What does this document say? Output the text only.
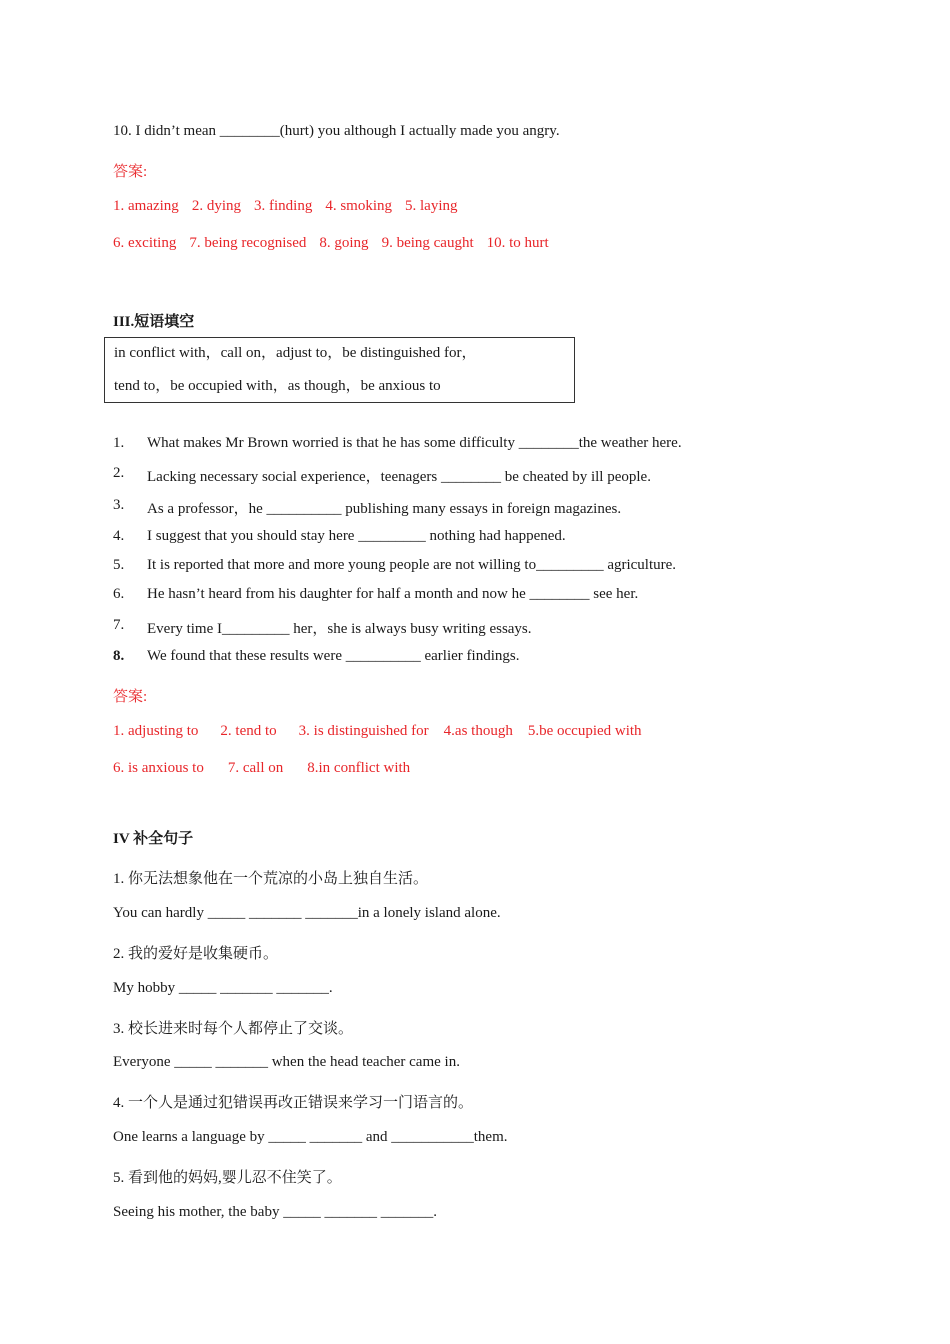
10. I didn’t mean ________(hurt) you although I actually made you angry.
答案:
1. amazing 2. dying 3. finding 4. smoking 5. laying
6. exciting 7. being recognised 8. going 9. being caught 10. to hurt
III.短语填空
in conflict with，call on，adjust to，be distinguished for，
tend to，be occupied with，as though，be anxious to
1.	What makes Mr Brown worried is that he has some difficulty ________the weather here.
2.	Lacking necessary social experience，teenagers ________ be cheated by ill people.
3.	As a professor，he __________ publishing many essays in foreign magazines.
4.	I suggest that you should stay here _________ nothing had happened.
5.	It is reported that more and more young people are not willing to_________ agriculture.
6.	He hasn’t heard from his daughter for half a month and now he ________ see her.
7.	Every time I_________ her，she is always busy writing essays.
8.	We found that these results were __________ earlier findings.
答案:
1. adjusting to 2. tend to 3. is distinguished for 4.as though 5.be occupied with
6. is anxious to 7. call on 8.in conflict with
IV 补全句子
1. 你无法想象他在一个荒凉的小岛上独自生活。
You can hardly _____ _______ _______in a lonely island alone.
2. 我的爱好是收集硬币。
My hobby _____ _______ _______.
3. 校长进来时每个人都停止了交谈。
Everyone _____ _______ when the head teacher came in.
4. 一个人是通过犯错误再改正错误来学习一门语言的。
One learns a language by _____ _______ and ___________them.
5. 看到他的妈妈,婴儿忍不住笑了。
Seeing his mother, the baby _____ _______ _______.
